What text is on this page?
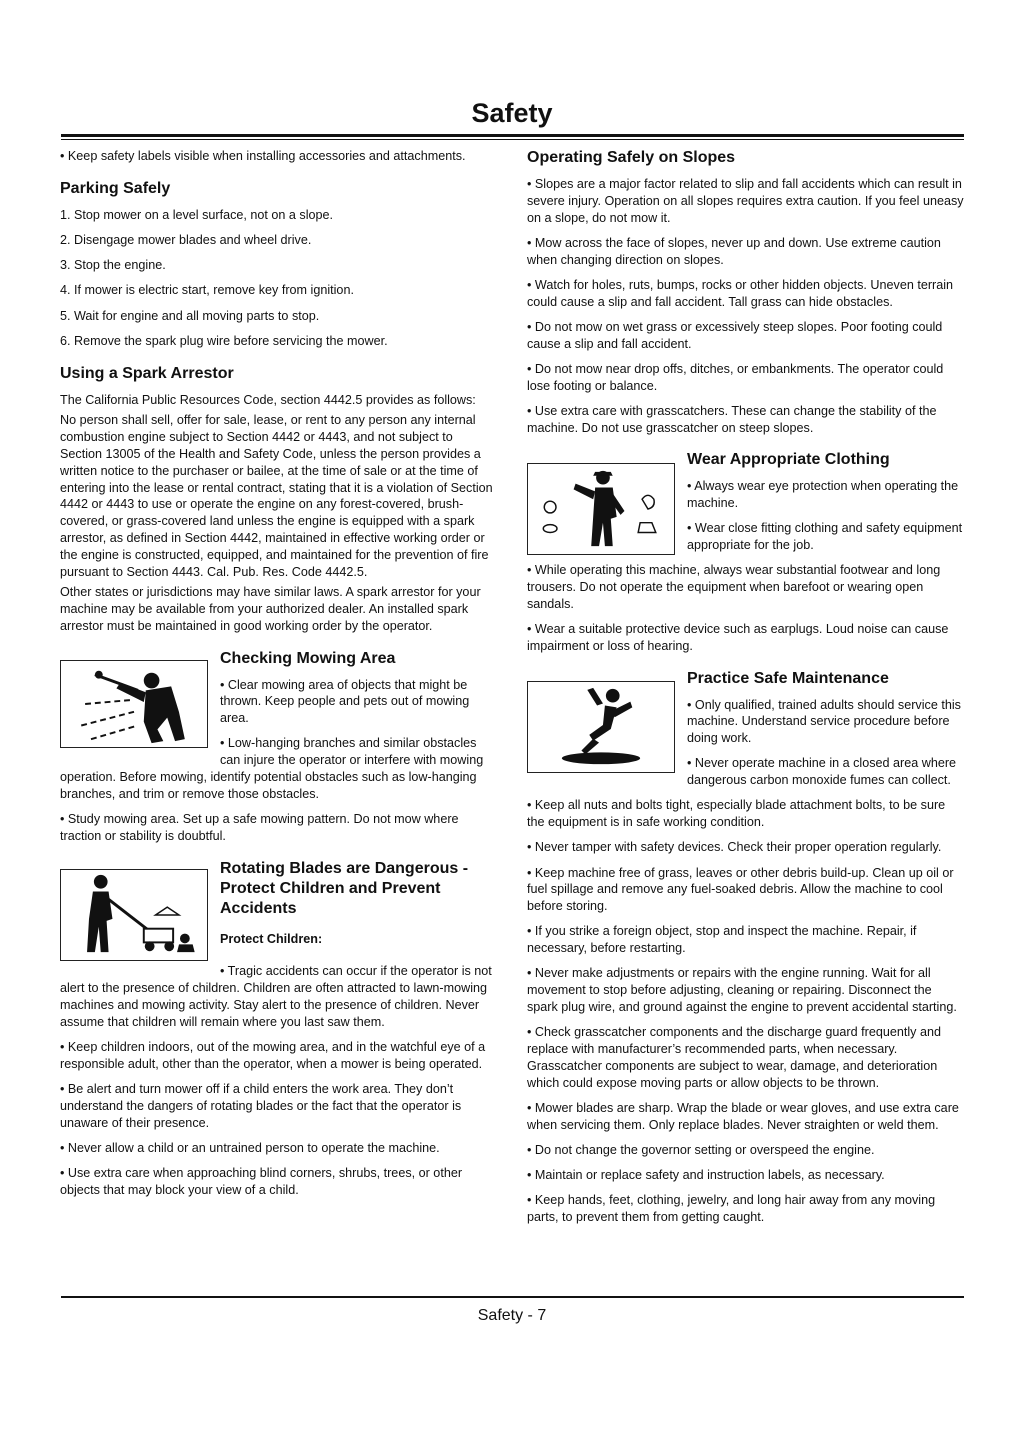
Safety

• Keep safety labels visible when installing accessories and attachments.

Parking Safely

1. Stop mower on a level surface, not on a slope.

2. Disengage mower blades and wheel drive.

3. Stop the engine.

4. If mower is electric start, remove key from ignition.

5. Wait for engine and all moving parts to stop.

6. Remove the spark plug wire before servicing the mower.

Using a Spark Arrestor

The California Public Resources Code, section 4442.5 provides as follows:

No person shall sell, offer for sale, lease, or rent to any person any internal combustion engine subject to Section 4442 or 4443, and not subject to Section 13005 of the Health and Safety Code, unless the person provides a written notice to the purchaser or bailee, at the time of sale or at the time of entering into the lease or rental contract, stating that it is a violation of Section 4442 or 4443 to use or operate the engine on any forest-covered, brush-covered, or grass-covered land unless the engine is equipped with a spark arrestor, as defined in Section 4442, maintained in effective working order or the engine is constructed, equipped, and maintained for the prevention of fire pursuant to Section 4443. Cal. Pub. Res. Code 4442.5.

Other states or jurisdictions may have similar laws. A spark arrestor for your machine may be available from your authorized dealer. An installed spark arrestor must be maintained in good working order by the operator.

Checking Mowing Area

• Clear mowing area of objects that might be thrown. Keep people and pets out of mowing area.

• Low-hanging branches and similar obstacles can injure the operator or interfere with mowing operation. Before mowing, identify potential obstacles such as low-hanging branches, and trim or remove those obstacles.

• Study mowing area. Set up a safe mowing pattern. Do not mow where traction or stability is doubtful.

Rotating Blades are Dangerous - Protect Children and Prevent Accidents
Protect Children:

• Tragic accidents can occur if the operator is not alert to the presence of children. Children are often attracted to lawn-mowing machines and mowing activity. Stay alert to the presence of children. Never assume that children will remain where you last saw them.

• Keep children indoors, out of the mowing area, and in the watchful eye of a responsible adult, other than the operator, when a mower is being operated.

• Be alert and turn mower off if a child enters the work area. They don’t understand the dangers of rotating blades or the fact that the operator is unaware of their presence.

• Never allow a child or an untrained person to operate the machine.

• Use extra care when approaching blind corners, shrubs, trees, or other objects that may block your view of a child.

Operating Safely on Slopes

• Slopes are a major factor related to slip and fall accidents which can result in severe injury. Operation on all slopes requires extra caution. If you feel uneasy on a slope, do not mow it.

• Mow across the face of slopes, never up and down. Use extreme caution when changing direction on slopes.

• Watch for holes, ruts, bumps, rocks or other hidden objects. Uneven terrain could cause a slip and fall accident. Tall grass can hide obstacles.

• Do not mow on wet grass or excessively steep slopes. Poor footing could cause a slip and fall accident.

• Do not mow near drop offs, ditches, or embankments. The operator could lose footing or balance.

• Use extra care with grasscatchers. These can change the stability of the machine. Do not use grasscatcher on steep slopes.

Wear Appropriate Clothing

• Always wear eye protection when operating the machine.

• Wear close fitting clothing and safety equipment appropriate for the job.

• While operating this machine, always wear substantial footwear and long trousers. Do not operate the equipment when barefoot or wearing open sandals.

• Wear a suitable protective device such as earplugs. Loud noise can cause impairment or loss of hearing.

Practice Safe Maintenance

• Only qualified, trained adults should service this machine. Understand service procedure before doing work.

• Never operate machine in a closed area where dangerous carbon monoxide fumes can collect.

• Keep all nuts and bolts tight, especially blade attachment bolts, to be sure the equipment is in safe working condition.

• Never tamper with safety devices. Check their proper operation regularly.

• Keep machine free of grass, leaves or other debris build-up. Clean up oil or fuel spillage and remove any fuel-soaked debris. Allow the machine to cool before storing.

• If you strike a foreign object, stop and inspect the machine. Repair, if necessary, before restarting.

• Never make adjustments or repairs with the engine running. Wait for all movement to stop before adjusting, cleaning or repairing. Disconnect the spark plug wire, and ground against the engine to prevent accidental starting.

• Check grasscatcher components and the discharge guard frequently and replace with manufacturer’s recommended parts, when necessary. Grasscatcher components are subject to wear, damage, and deterioration which could expose moving parts or allow objects to be thrown.

• Mower blades are sharp. Wrap the blade or wear gloves, and use extra care when servicing them. Only replace blades. Never straighten or weld them.

• Do not change the governor setting or overspeed the engine.

• Maintain or replace safety and instruction labels, as necessary.

• Keep hands, feet, clothing, jewelry, and long hair away from any moving parts, to prevent them from getting caught.

Safety - 7
